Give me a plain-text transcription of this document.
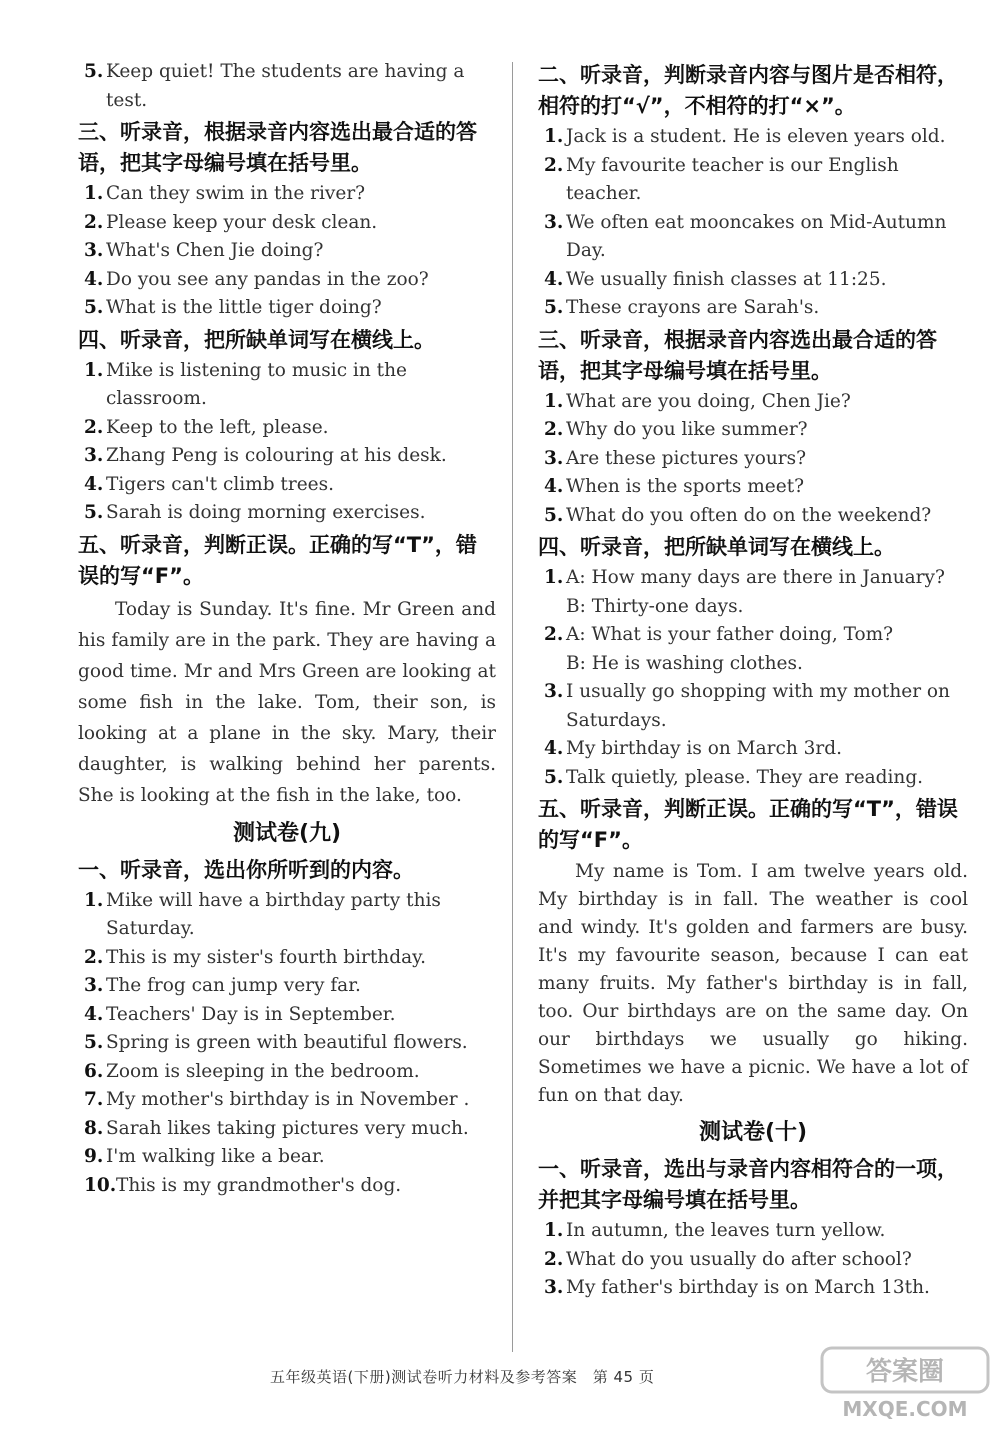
5. Keep quiet! The students are having a test.
三、听录音，根据录音内容选出最合适的答语，把其字母编号填在括号里。
1. Can they swim in the river?
2. Please keep your desk clean.
3. What's Chen Jie doing?
4. Do you see any pandas in the zoo?
5. What is the little tiger doing?
四、听录音，把所缺单词写在横线上。
1. Mike is listening to music in the classroom.
2. Keep to the left, please.
3. Zhang Peng is colouring at his desk.
4. Tigers can't climb trees.
5. Sarah is doing morning exercises.
五、听录音，判断正误。正确的写“T”，错误的写“F”。
Today is Sunday. It's fine. Mr Green and his family are in the park. They are having a good time. Mr and Mrs Green are looking at some fish in the lake. Tom, their son, is looking at a plane in the sky. Mary, their daughter, is walking behind her parents. She is looking at the fish in the lake, too.
测试卷(九)
一、听录音，选出你所听到的内容。
1. Mike will have a birthday party this Saturday.
2. This is my sister's fourth birthday.
3. The frog can jump very far.
4. Teachers' Day is in September.
5. Spring is green with beautiful flowers.
6. Zoom is sleeping in the bedroom.
7. My mother's birthday is in November .
8. Sarah likes taking pictures very much.
9. I'm walking like a bear.
10.This is my grandmother's dog.
二、听录音，判断录音内容与图片是否相符，相符的打“√”，不相符的打“×”。
1. Jack is a student. He is eleven years old.
2. My favourite teacher is our English teacher.
3. We often eat mooncakes on Mid-Autumn Day.
4. We usually finish classes at 11:25.
5. These crayons are Sarah's.
三、听录音，根据录音内容选出最合适的答语，把其字母编号填在括号里。
1. What are you doing, Chen Jie?
2. Why do you like summer?
3. Are these pictures yours?
4. When is the sports meet?
5. What do you often do on the weekend?
四、听录音，把所缺单词写在横线上。
1. A: How many days are there in January?
B: Thirty-one days.
2. A: What is your father doing, Tom?
B: He is washing clothes.
3. I usually go shopping with my mother on Saturdays.
4. My birthday is on March 3rd.
5. Talk quietly, please. They are reading.
五、听录音，判断正误。正确的写“T”，错误的写“F”。
My name is Tom. I am twelve years old. My birthday is in fall. The weather is cool and windy. It's golden and farmers are busy. It's my favourite season, because I can eat many fruits. My father's birthday is in fall, too. Our birthdays are on the same day. On our birthdays we usually go hiking. Sometimes we have a picnic. We have a lot of fun on that day.
测试卷(十)
一、听录音，选出与录音内容相符合的一项，并把其字母编号填在括号里。
1. In autumn, the leaves turn yellow.
2. What do you usually do after school?
3. My father's birthday is on March 13th.
五年级英语(下册)测试卷听力材料及参考答案　第 45 页	答案圈
MXQE.COM
